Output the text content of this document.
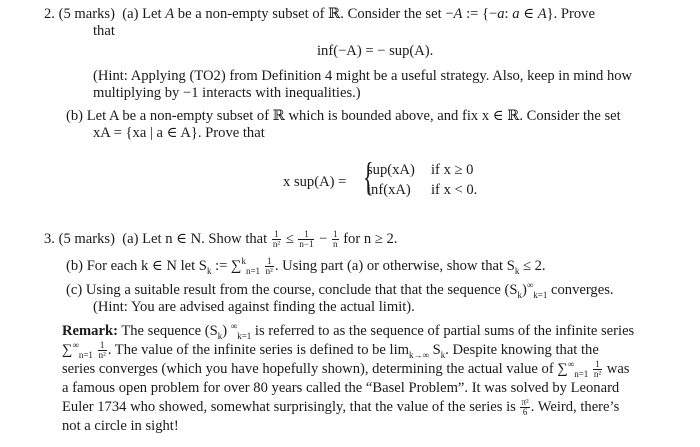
2. (5 marks) (a) Let A be a non-empty subset of ℝ. Consider the set −A := {−a: a ∈ A}. Prove
that
inf(−A) = − sup(A).
(Hint: Applying (TO2) from Definition 4 might be a useful strategy. Also, keep in mind how
multiplying by −1 interacts with inequalities.)
(b) Let A be a non-empty subset of ℝ which is bounded above, and fix x ∈ ℝ. Consider the set
xA = {xa | a ∈ A}. Prove that
x sup(A) = {
sup(xA) if x ≥ 0
inf(xA) if x < 0.
3. (5 marks) (a) Let n ∈ N. Show that $\frac{1}{\text{n²}} \le \frac{1}{n-1} - \frac{1}{n}$ for n ≥ 2.
(b) For each k ∈ N let $S_k$ := $\sum^k_{n=1} \frac{1}{\text{n²}}$ . Using part (a) or otherwise, show that $S_k \le 2$.
(c) Using a suitable result from the course, conclude that that the sequence $(S_k)^\infty_{k=1}$ converges.
(Hint: You are advised against finding the actual limit).
Remark: The sequence $(S_k)$ ∞$_{k=1}$ is referred to as the sequence of partial sums of the infinite series
$\sum^\infty_{n=1} \frac{1}{\text{n²}}$ . The value of the infinite series is defined to be $\lim_{k\to\infty} S_k$. Despite knowing that the
series converges (which you have hopefully shown), determining the actual value of $\sum^\infty_{n=1} \frac{1}{\text{n²}}$ was
a famous open problem for over 80 years called the “Basel Problem”. It was solved by Leonard
Euler 1734 who showed, somewhat surprisingly, that the value of the series is $\frac{\text{π²}}{6}$ . Weird, there’s
not a circle in sight!
